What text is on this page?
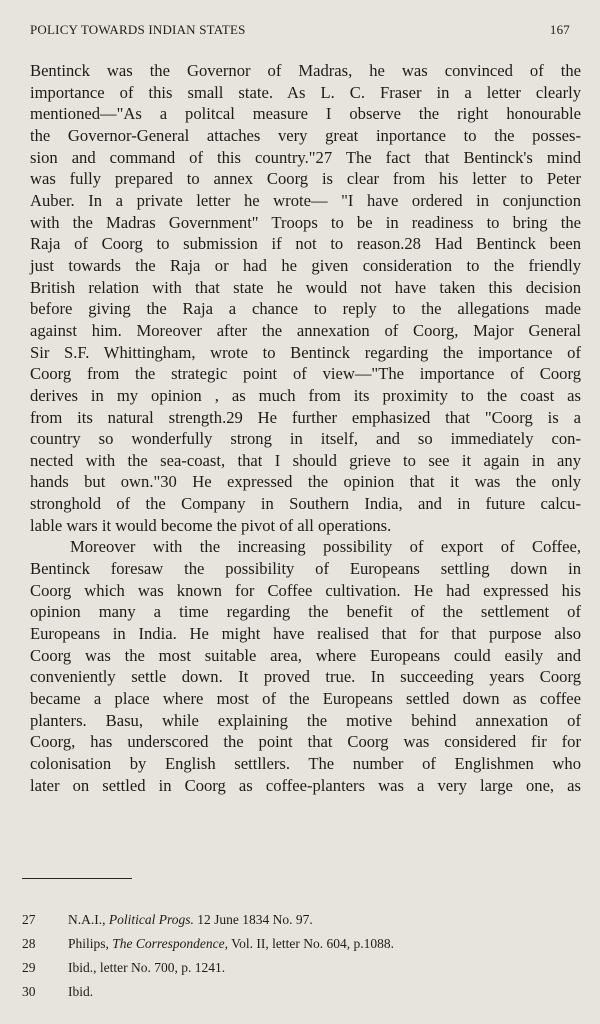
POLICY TOWARDS INDIAN STATES	167
Bentinck was the Governor of Madras, he was convinced of the
importance of this small state. As L. C. Fraser in a letter clearly
mentioned—"As a politcal measure I observe the right honourable
the Governor-General attaches very great inportance to the posses-
sion and command of this country."27 The fact that Bentinck's mind
was fully prepared to annex Coorg is clear from his letter to Peter
Auber. In a private letter he wrote— "I have ordered in conjunction
with the Madras Government" Troops to be in readiness to bring the
Raja of Coorg to submission if not to reason.28 Had Bentinck been
just towards the Raja or had he given consideration to the friendly
British relation with that state he would not have taken this decision
before giving the Raja a chance to reply to the allegations made
against him. Moreover after the annexation of Coorg, Major General
Sir S.F. Whittingham, wrote to Bentinck regarding the importance of
Coorg from the strategic point of view—"The importance of Coorg
derives in my opinion , as much from its proximity to the coast as
from its natural strength.29 He further emphasized that "Coorg is a
country so wonderfully strong in itself, and so immediately con-
nected with the sea-coast, that I should grieve to see it again in any
hands but own."30 He expressed the opinion that it was the only
stronghold of the Company in Southern India, and in future calcu-
lable wars it would become the pivot of all operations.
Moreover with the increasing possibility of export of Coffee,
Bentinck foresaw the possibility of Europeans settling down in
Coorg which was known for Coffee cultivation. He had expressed his
opinion many a time regarding the benefit of the settlement of
Europeans in India. He might have realised that for that purpose also
Coorg was the most suitable area, where Europeans could easily and
conveniently settle down. It proved true. In succeeding years Coorg
became a place where most of the Europeans settled down as coffee
planters. Basu, while explaining the motive behind annexation of
Coorg, has underscored the point that Coorg was considered fir for
colonisation by English settllers. The number of Englishmen who
later on settled in Coorg as coffee-planters was a very large one, as
27	N.A.I., Political Progs. 12 June 1834 No. 97.
28	Philips, The Correspondence, Vol. II, letter No. 604, p.1088.
29	Ibid., letter No. 700, p. 1241.
30	Ibid.
